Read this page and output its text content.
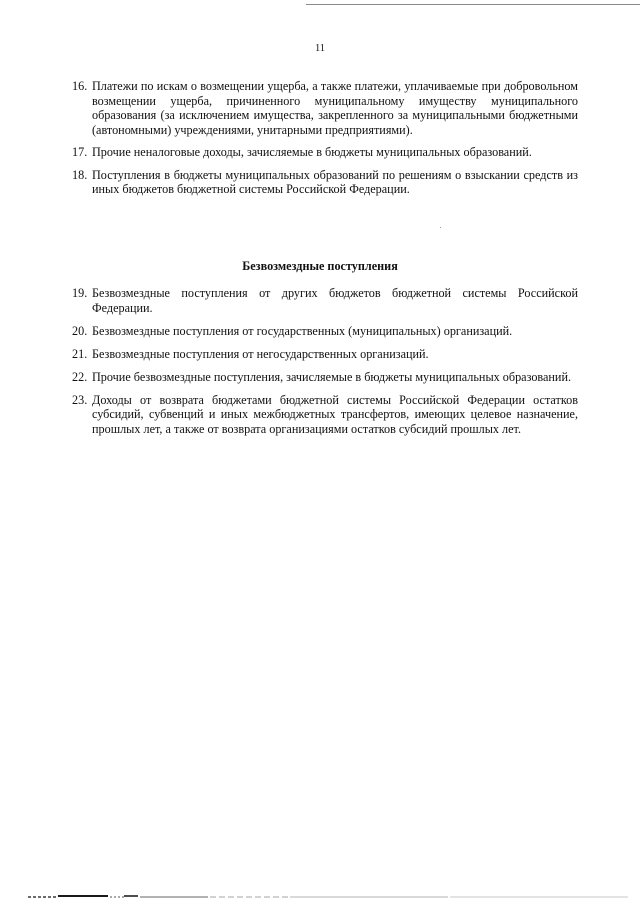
11
16. Платежи по искам о возмещении ущерба, а также платежи, уплачиваемые при добровольном возмещении ущерба, причиненного муниципальному имуществу муниципального образования (за исключением имущества, закрепленного за муниципальными бюджетными (автономными) учреждениями, унитарными предприятиями).
17. Прочие неналоговые доходы, зачисляемые в бюджеты муниципальных образований.
18. Поступления в бюджеты муниципальных образований по решениям о взыскании средств из иных бюджетов бюджетной системы Российской Федерации.
Безвозмездные поступления
19. Безвозмездные поступления от других бюджетов бюджетной системы Российской Федерации.
20. Безвозмездные поступления от государственных (муниципальных) организаций.
21. Безвозмездные поступления от негосударственных организаций.
22. Прочие безвозмездные поступления, зачисляемые в бюджеты муниципальных образований.
23. Доходы от возврата бюджетами бюджетной системы Российской Федерации остатков субсидий, субвенций и иных межбюджетных трансфертов, имеющих целевое назначение, прошлых лет, а также от возврата организациями остатков субсидий прошлых лет.
